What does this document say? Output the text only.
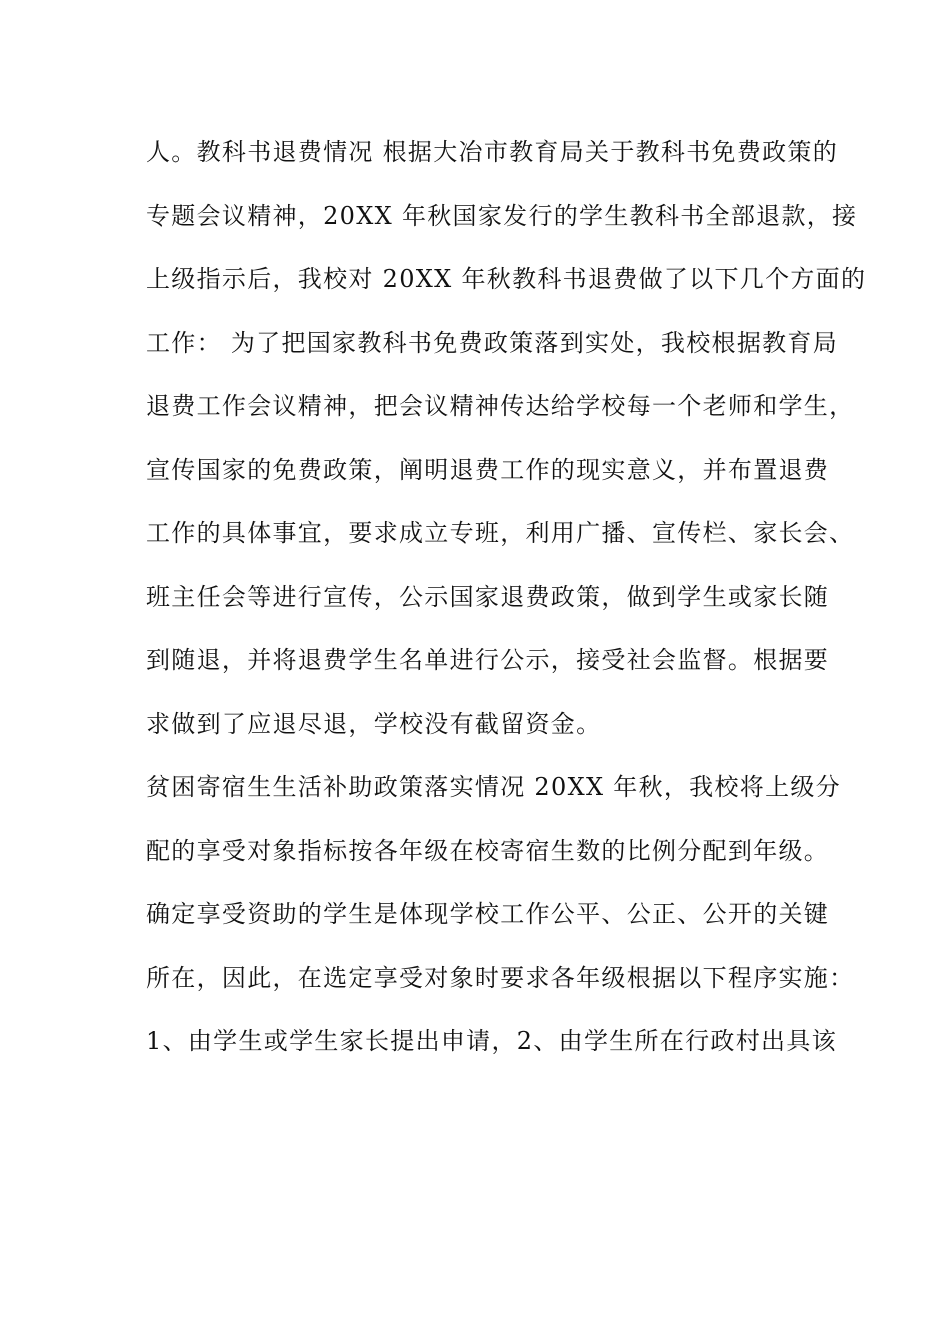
人。教科书退费情况 根据大冶市教育局关于教科书免费政策的
专题会议精神，20XX 年秋国家发行的学生教科书全部退款，接
上级指示后，我校对 20XX 年秋教科书退费做了以下几个方面的
工作： 为了把国家教科书免费政策落到实处，我校根据教育局
退费工作会议精神，把会议精神传达给学校每一个老师和学生，
宣传国家的免费政策，阐明退费工作的现实意义，并布置退费
工作的具体事宜，要求成立专班，利用广播、宣传栏、家长会、
班主任会等进行宣传，公示国家退费政策，做到学生或家长随
到随退，并将退费学生名单进行公示，接受社会监督。根据要
求做到了应退尽退，学校没有截留资金。
贫困寄宿生生活补助政策落实情况 20XX 年秋，我校将上级分
配的享受对象指标按各年级在校寄宿生数的比例分配到年级。
确定享受资助的学生是体现学校工作公平、公正、公开的关键
所在，因此，在选定享受对象时要求各年级根据以下程序实施：
1、由学生或学生家长提出申请，2、由学生所在行政村出具该
